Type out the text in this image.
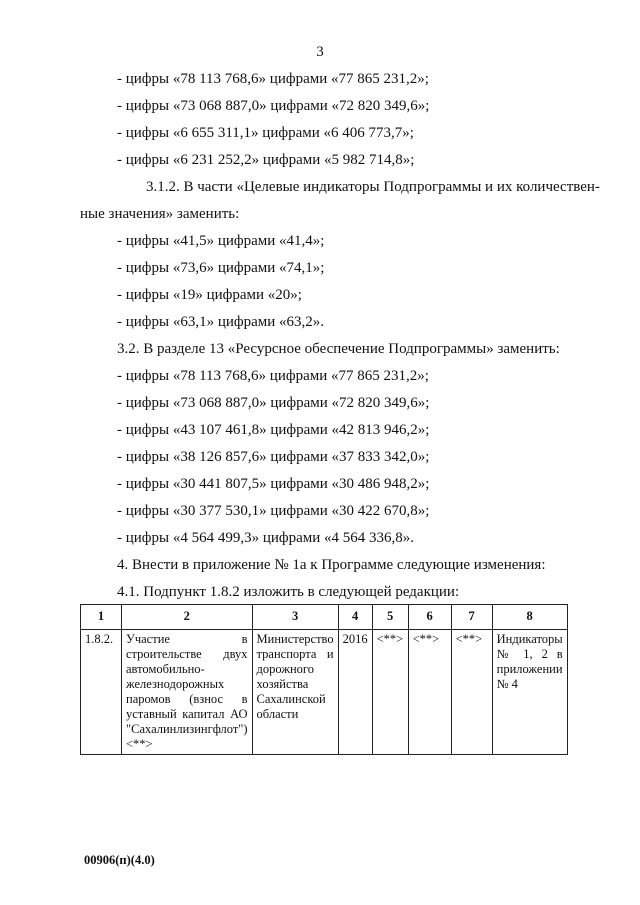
3
- цифры «78 113 768,6» цифрами «77 865 231,2»;
- цифры «73 068 887,0» цифрами «72 820 349,6»;
- цифры «6 655 311,1» цифрами «6 406 773,7»;
- цифры «6 231 252,2» цифрами «5 982 714,8»;
3.1.2. В части «Целевые индикаторы Подпрограммы и их количествен-
ные значения» заменить:
- цифры «41,5» цифрами «41,4»;
- цифры «73,6» цифрами «74,1»;
- цифры «19» цифрами «20»;
- цифры «63,1» цифрами «63,2».
3.2. В разделе 13 «Ресурсное обеспечение Подпрограммы» заменить:
- цифры «78 113 768,6» цифрами «77 865 231,2»;
- цифры «73 068 887,0» цифрами «72 820 349,6»;
- цифры «43 107 461,8» цифрами «42 813 946,2»;
- цифры «38 126 857,6» цифрами «37 833 342,0»;
- цифры «30 441 807,5» цифрами «30 486 948,2»;
- цифры «30 377 530,1» цифрами «30 422 670,8»;
- цифры «4 564 499,3» цифрами «4 564 336,8».
4. Внести в приложение № 1а к Программе следующие изменения:
4.1. Подпункт 1.8.2 изложить в следующей редакции:
1	2	3	4	5	6	7	8
1.8.2.	Участие в строительстве двух автомобильно-железнодорожных паромов (взнос в уставный капитал АО "Сахалинлизингфлот") <**>	Министерство транспорта и дорожного хозяйства Сахалинской области	2016	<**>	<**>	<**>	Индикаторы № 1, 2 в приложении № 4
00906(п)(4.0)
